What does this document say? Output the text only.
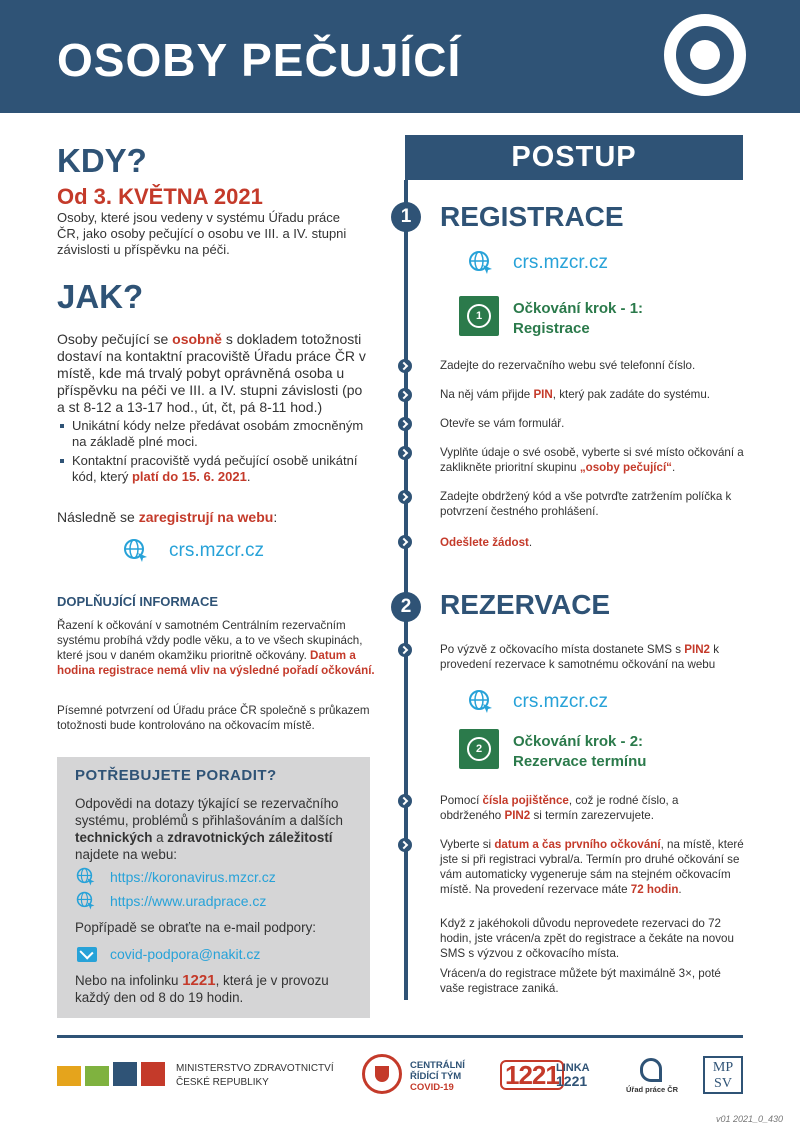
OSOBY PEČUJÍCÍ
KDY?
Od 3. KVĚTNA 2021
Osoby, které jsou vedeny v systému Úřadu práce ČR, jako osoby pečující o osobu ve III. a IV. stupni závislosti u příspěvku na péči.
JAK?
Osoby pečující se osobně s dokladem totožnosti dostaví na kontaktní pracoviště Úřadu práce ČR v místě, kde má trvalý pobyt oprávněná osoba u příspěvku na péči ve III. a IV. stupni závislosti (po a st 8-12 a 13-17 hod., út, čt, pá 8-11 hod.)
Unikátní kódy nelze předávat osobám zmocněným na základě plné moci.
Kontaktní pracoviště vydá pečující osobě unikátní kód, který platí do 15. 6. 2021.
Následně se zaregistrují na webu:
crs.mzcr.cz
DOPLŇUJÍCÍ INFORMACE
Řazení k očkování v samotném Centrálním rezervačním systému probíhá vždy podle věku, a to ve všech skupinách, které jsou v daném okamžiku prioritně očkovány. Datum a hodina registrace nemá vliv na výsledné pořadí očkování.
Písemné potvrzení od Úřadu práce ČR společně s průkazem totožnosti bude kontrolováno na očkovacím místě.
POTŘEBUJETE PORADIT?
Odpovědi na dotazy týkající se rezervačního systému, problémů s přihlašováním a dalších technických a zdravotnických záležitostí najdete na webu:
https://koronavirus.mzcr.cz
https://www.uradprace.cz
Popřípadě se obraťte na e-mail podpory:
covid-podpora@nakit.cz
Nebo na infolinku 1221, která je v provozu každý den od 8 do 19 hodin.
POSTUP
1	REGISTRACE
crs.mzcr.cz
1	Očkování krok - 1:
Registrace
Zadejte do rezervačního webu své telefonní číslo.
Na něj vám přijde PIN, který pak zadáte do systému.
Otevře se vám formulář.
Vyplňte údaje o své osobě, vyberte si své místo očkování a zaklikněte prioritní skupinu „osoby pečující“.
Zadejte obdržený kód a vše potvrďte zatržením políčka k potvrzení čestného prohlášení.
Odešlete žádost.
2	REZERVACE
Po výzvě z očkovacího místa dostanete SMS s PIN2 k provedení rezervace k samotnému očkování na webu
crs.mzcr.cz
2	Očkování krok - 2:
Rezervace termínu
Pomocí čísla pojištěnce, což je rodné číslo, a obdrženého PIN2 si termín zarezervujete.
Vyberte si datum a čas prvního očkování, na místě, které jste si při registraci vybral/a. Termín pro druhé očkování se vám automaticky vygeneruje sám na stejném očkovacím místě. Na provedení rezervace máte 72 hodin.
Když z jakéhokoli důvodu neprovedete rezervaci do 72 hodin, jste vrácen/a zpět do registrace a čekáte na novou SMS s výzvou z očkovacího místa.
Vrácen/a do registrace můžete být maximálně 3×, poté vaše registrace zaniká.
MINISTERSTVO ZDRAVOTNICTVÍ
ČESKÉ REPUBLIKY
CENTRÁLNÍ
ŘÍDÍCÍ TÝM
COVID-19	1221
LINKA
1221
Úřad práce ČR
MP
SV
v01 2021_0_430
